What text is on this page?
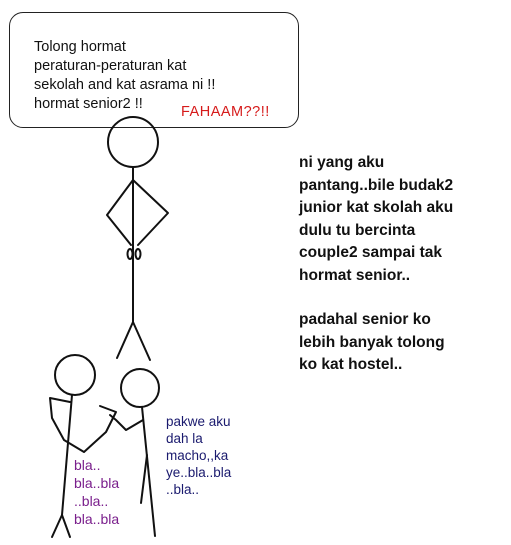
Tolong hormat
peraturan-peraturan kat
sekolah and kat asrama ni !!
hormat senior2 !!	FAHAAM??!!

ni yang aku
pantang..bile budak2
junior kat skolah aku
dulu tu bercinta
couple2 sampai tak
hormat senior..

padahal senior ko
lebih banyak tolong
ko kat hostel..

bla..
bla..bla
..bla..
bla..bla
pakwe aku
dah la
macho,,ka
ye..bla..bla
..bla..
